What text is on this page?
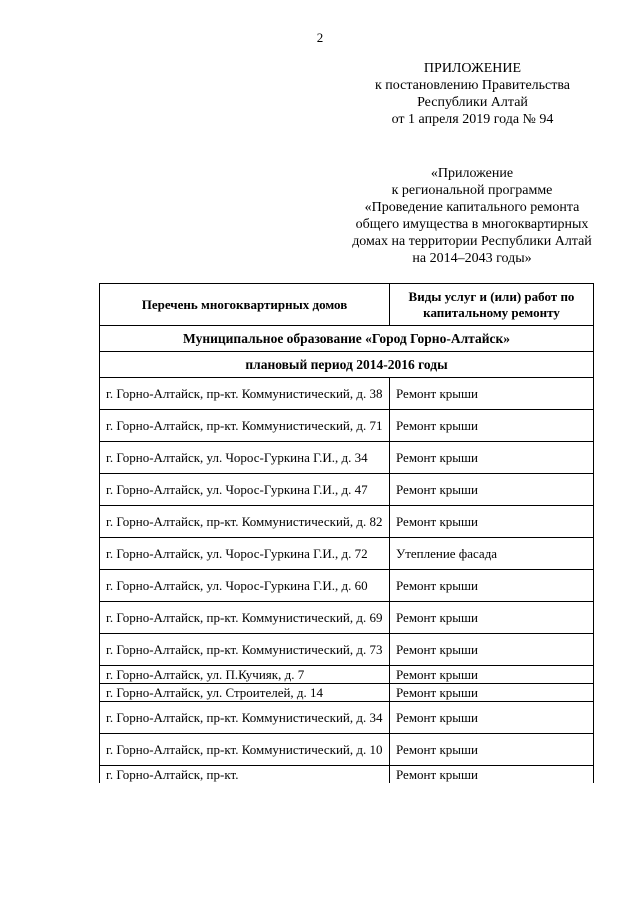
2
ПРИЛОЖЕНИЕ
к постановлению Правительства
Республики Алтай
от 1 апреля 2019 года № 94
«Приложение
к региональной программе
«Проведение капитального ремонта
общего имущества в многоквартирных
домах на территории Республики Алтай
на 2014–2043 годы»
Перечень многоквартирных домов	Виды услуг и (или) работ по капитальному ремонту
Муниципальное образование «Город Горно-Алтайск»	
плановый период 2014-2016 годы	
г. Горно-Алтайск, пр-кт. Коммунистический, д. 38	Ремонт крыши
г. Горно-Алтайск, пр-кт. Коммунистический, д. 71	Ремонт крыши
г. Горно-Алтайск, ул. Чорос-Гуркина Г.И., д. 34	Ремонт крыши
г. Горно-Алтайск, ул. Чорос-Гуркина Г.И., д. 47	Ремонт крыши
г. Горно-Алтайск, пр-кт. Коммунистический, д. 82	Ремонт крыши
г. Горно-Алтайск, ул. Чорос-Гуркина Г.И., д. 72	Утепление фасада
г. Горно-Алтайск, ул. Чорос-Гуркина Г.И., д. 60	Ремонт крыши
г. Горно-Алтайск, пр-кт. Коммунистический, д. 69	Ремонт крыши
г. Горно-Алтайск, пр-кт. Коммунистический, д. 73	Ремонт крыши
г. Горно-Алтайск, ул. П.Кучияк, д. 7	Ремонт крыши
г. Горно-Алтайск, ул. Строителей, д. 14	Ремонт крыши
г. Горно-Алтайск, пр-кт. Коммунистический, д. 34	Ремонт крыши
г. Горно-Алтайск, пр-кт. Коммунистический, д. 10	Ремонт крыши
г. Горно-Алтайск, пр-кт.	Ремонт крыши
